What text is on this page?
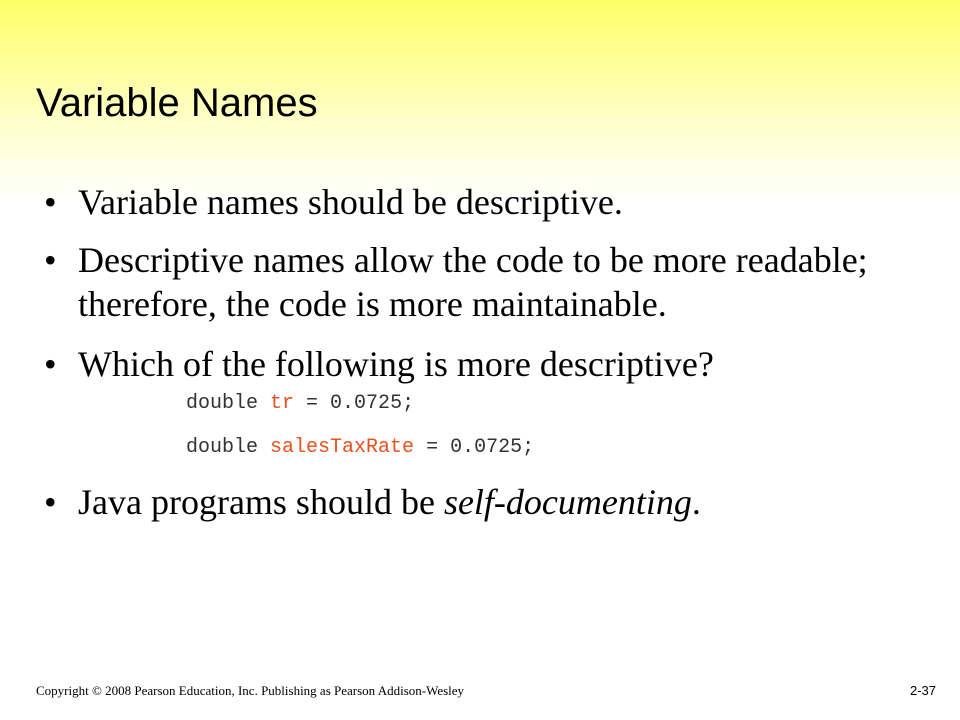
Variable Names
• Variable names should be descriptive.
• Descriptive names allow the code to be more readable; therefore, the code is more maintainable.
• Which of the following is more descriptive?
double tr = 0.0725;
double salesTaxRate = 0.0725;
• Java programs should be self-documenting.
Copyright © 2008 Pearson Education, Inc. Publishing as Pearson Addison-Wesley	2-37
